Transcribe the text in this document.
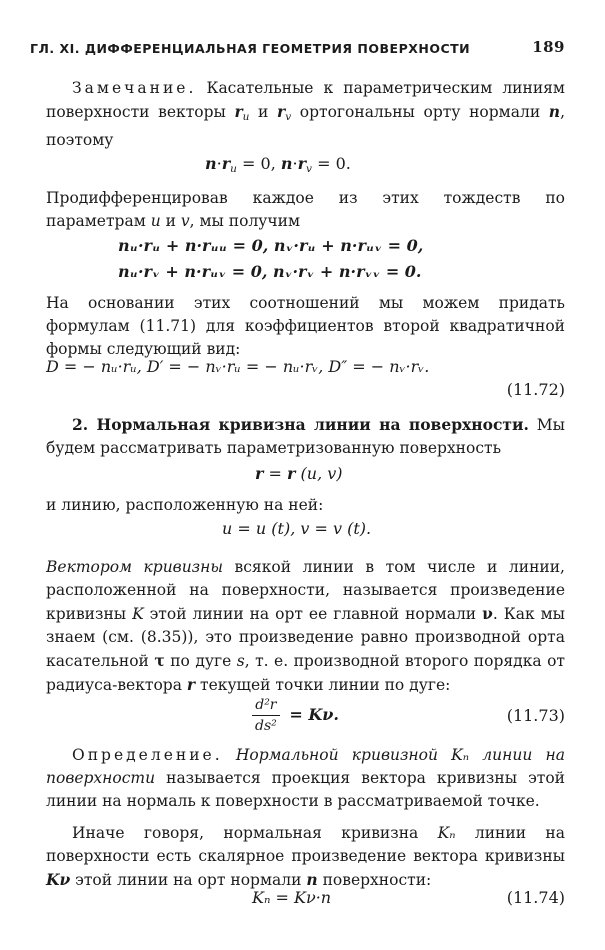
ГЛ. XI. ДИФФЕРЕНЦИАЛЬНАЯ ГЕОМЕТРИЯ ПОВЕРХНОСТИ	189

Замечание. Касательные к параметрическим линиям поверхности векторы $r_u$ и $r_v$ ортогональны орту нормали n, поэтому

$n\cdot r_u = 0$, $n\cdot r_v = 0$.

Продифференцировав каждое из этих тождеств по параметрам u и v, мы получим

nᵤ·rᵤ + n·rᵤᵤ = 0, nᵥ·rᵤ + n·rᵤᵥ = 0,
nᵤ·rᵥ + n·rᵤᵥ = 0, nᵥ·rᵥ + n·rᵥᵥ = 0.

На основании этих соотношений мы можем придать формулам (11.71) для коэффициентов второй квадратичной формы следующий вид:

D = − nᵤ·rᵤ, D′ = − nᵥ·rᵤ = − nᵤ·rᵥ, D″ = − nᵥ·rᵥ.
(11.72)

2. Нормальная кривизна линии на поверхности. Мы будем рассматривать параметризованную поверхность

r = r (u, v)

и линию, расположенную на ней:

u = u (t), v = v (t).

Вектором кривизны всякой линии в том числе и линии, расположенной на поверхности, называется произведение кривизны K этой линии на орт ее главной нормали ν. Как мы знаем (см. (8.35)), это произведение равно производной орта касательной τ по дуге s, т. е. производной второго порядка от радиуса-вектора r текущей точки линии по дуге:

$\frac{\text{d²r}}{\text{ds²}} = K\nu$.	(11.73)

Определение. Нормальной кривизной Kₙ линии на поверхности называется проекция вектора кривизны этой линии на нормаль к поверхности в рассматриваемой точке.

Иначе говоря, нормальная кривизна Kₙ линии на поверхности есть скалярное произведение вектора кривизны Kν этой линии на орт нормали n поверхности:

Kₙ = Kν·n	(11.74)
